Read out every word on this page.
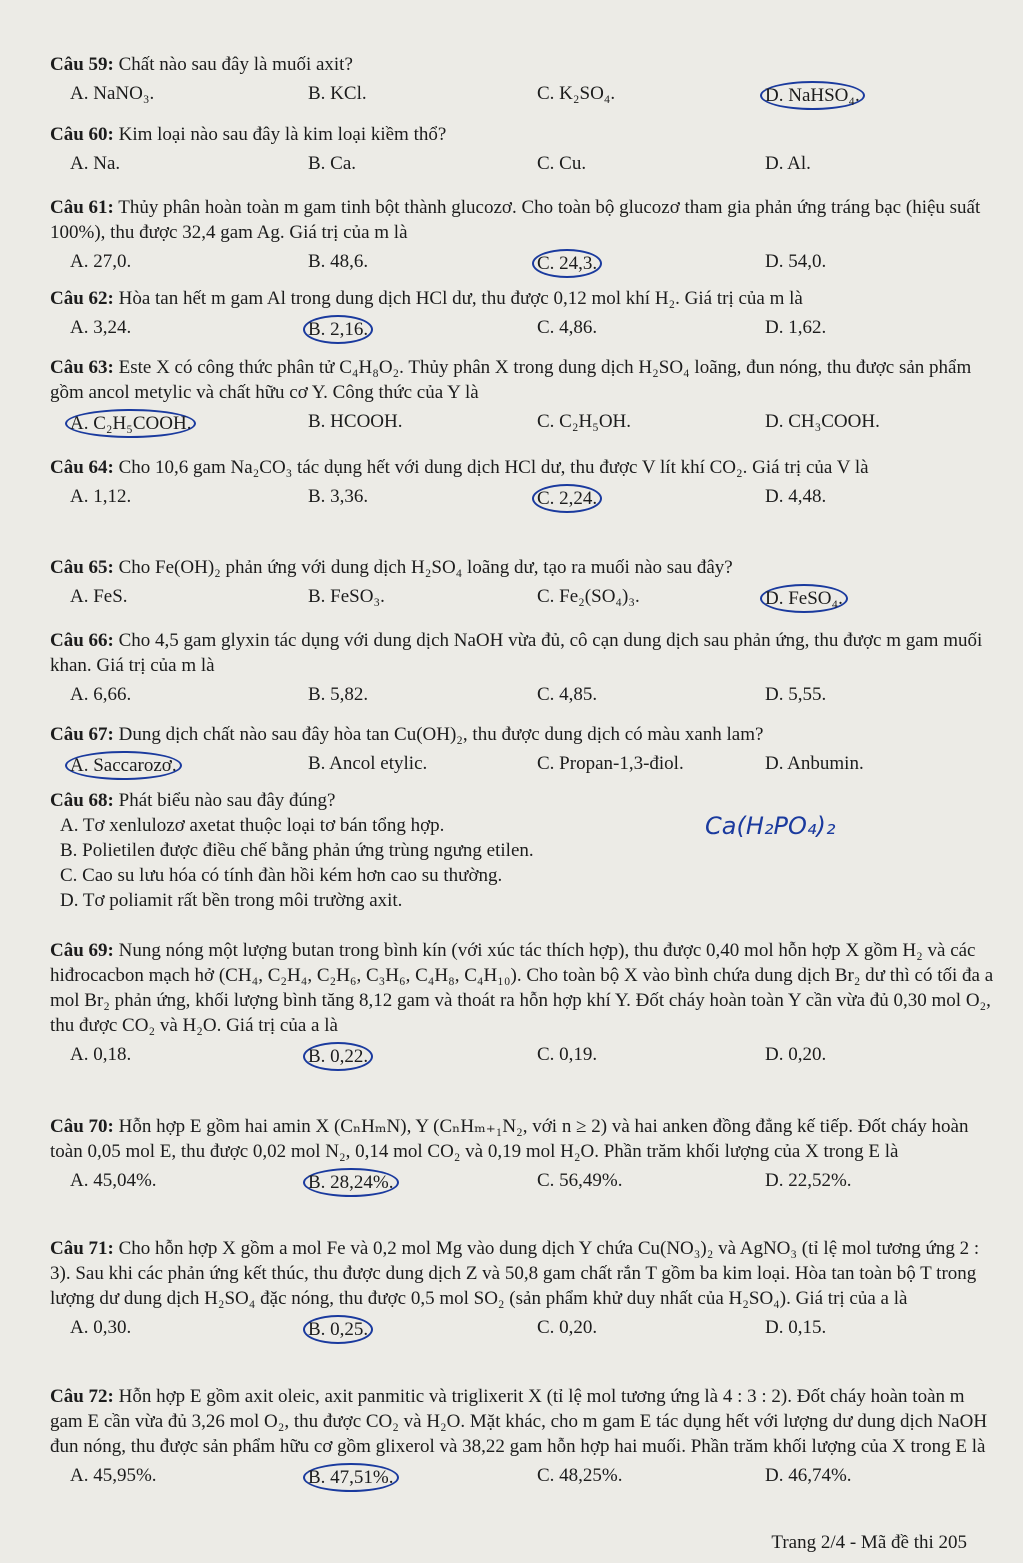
Câu 59: Chất nào sau đây là muối axit?
A. NaNO₃.	B. KCl.	C. K₂SO₄.	D. NaHSO₄.
Câu 60: Kim loại nào sau đây là kim loại kiềm thổ?
A. Na.	B. Ca.	C. Cu.	D. Al.
Câu 61: Thủy phân hoàn toàn m gam tinh bột thành glucozơ. Cho toàn bộ glucozơ tham gia phản ứng tráng bạc (hiệu suất 100%), thu được 32,4 gam Ag. Giá trị của m là
A. 27,0.	B. 48,6.	C. 24,3.	D. 54,0.
Câu 62: Hòa tan hết m gam Al trong dung dịch HCl dư, thu được 0,12 mol khí H₂. Giá trị của m là
A. 3,24.	B. 2,16.	C. 4,86.	D. 1,62.
Câu 63: Este X có công thức phân tử C₄H₈O₂. Thủy phân X trong dung dịch H₂SO₄ loãng, đun nóng, thu được sản phẩm gồm ancol metylic và chất hữu cơ Y. Công thức của Y là
A. C₂H₅COOH.	B. HCOOH.	C. C₂H₅OH.	D. CH₃COOH.
Câu 64: Cho 10,6 gam Na₂CO₃ tác dụng hết với dung dịch HCl dư, thu được V lít khí CO₂. Giá trị của V là
A. 1,12.	B. 3,36.	C. 2,24.	D. 4,48.
Câu 65: Cho Fe(OH)₂ phản ứng với dung dịch H₂SO₄ loãng dư, tạo ra muối nào sau đây?
A. FeS.	B. FeSO₃.	C. Fe₂(SO₄)₃.	D. FeSO₄.
Câu 66: Cho 4,5 gam glyxin tác dụng với dung dịch NaOH vừa đủ, cô cạn dung dịch sau phản ứng, thu được m gam muối khan. Giá trị của m là
A. 6,66.	B. 5,82.	C. 4,85.	D. 5,55.
Câu 67: Dung dịch chất nào sau đây hòa tan Cu(OH)₂, thu được dung dịch có màu xanh lam?
A. Saccarozơ.	B. Ancol etylic.	C. Propan-1,3-điol.	D. Anbumin.
Câu 68: Phát biểu nào sau đây đúng?
A. Tơ xenlulozơ axetat thuộc loại tơ bán tổng hợp.
B. Polietilen được điều chế bằng phản ứng trùng ngưng etilen.
C. Cao su lưu hóa có tính đàn hồi kém hơn cao su thường.
D. Tơ poliamit rất bền trong môi trường axit.
Ca(H₂PO₄)₂
Câu 69: Nung nóng một lượng butan trong bình kín (với xúc tác thích hợp), thu được 0,40 mol hỗn hợp X gồm H₂ và các hiđrocacbon mạch hở (CH₄, C₂H₄, C₂H₆, C₃H₆, C₄H₈, C₄H₁₀). Cho toàn bộ X vào bình chứa dung dịch Br₂ dư thì có tối đa a mol Br₂ phản ứng, khối lượng bình tăng 8,12 gam và thoát ra hỗn hợp khí Y. Đốt cháy hoàn toàn Y cần vừa đủ 0,30 mol O₂, thu được CO₂ và H₂O. Giá trị của a là
A. 0,18.	B. 0,22.	C. 0,19.	D. 0,20.
Câu 70: Hỗn hợp E gồm hai amin X (CₙHₘN), Y (CₙHₘ₊₁N₂, với n ≥ 2) và hai anken đồng đẳng kế tiếp. Đốt cháy hoàn toàn 0,05 mol E, thu được 0,02 mol N₂, 0,14 mol CO₂ và 0,19 mol H₂O. Phần trăm khối lượng của X trong E là
A. 45,04%.	B. 28,24%.	C. 56,49%.	D. 22,52%.
Câu 71: Cho hỗn hợp X gồm a mol Fe và 0,2 mol Mg vào dung dịch Y chứa Cu(NO₃)₂ và AgNO₃ (tỉ lệ mol tương ứng 2 : 3). Sau khi các phản ứng kết thúc, thu được dung dịch Z và 50,8 gam chất rắn T gồm ba kim loại. Hòa tan toàn bộ T trong lượng dư dung dịch H₂SO₄ đặc nóng, thu được 0,5 mol SO₂ (sản phẩm khử duy nhất của H₂SO₄). Giá trị của a là
A. 0,30.	B. 0,25.	C. 0,20.	D. 0,15.
Câu 72: Hỗn hợp E gồm axit oleic, axit panmitic và triglixerit X (tỉ lệ mol tương ứng là 4 : 3 : 2). Đốt cháy hoàn toàn m gam E cần vừa đủ 3,26 mol O₂, thu được CO₂ và H₂O. Mặt khác, cho m gam E tác dụng hết với lượng dư dung dịch NaOH đun nóng, thu được sản phẩm hữu cơ gồm glixerol và 38,22 gam hỗn hợp hai muối. Phần trăm khối lượng của X trong E là
A. 45,95%.	B. 47,51%.	C. 48,25%.	D. 46,74%.
Trang 2/4 - Mã đề thi 205
